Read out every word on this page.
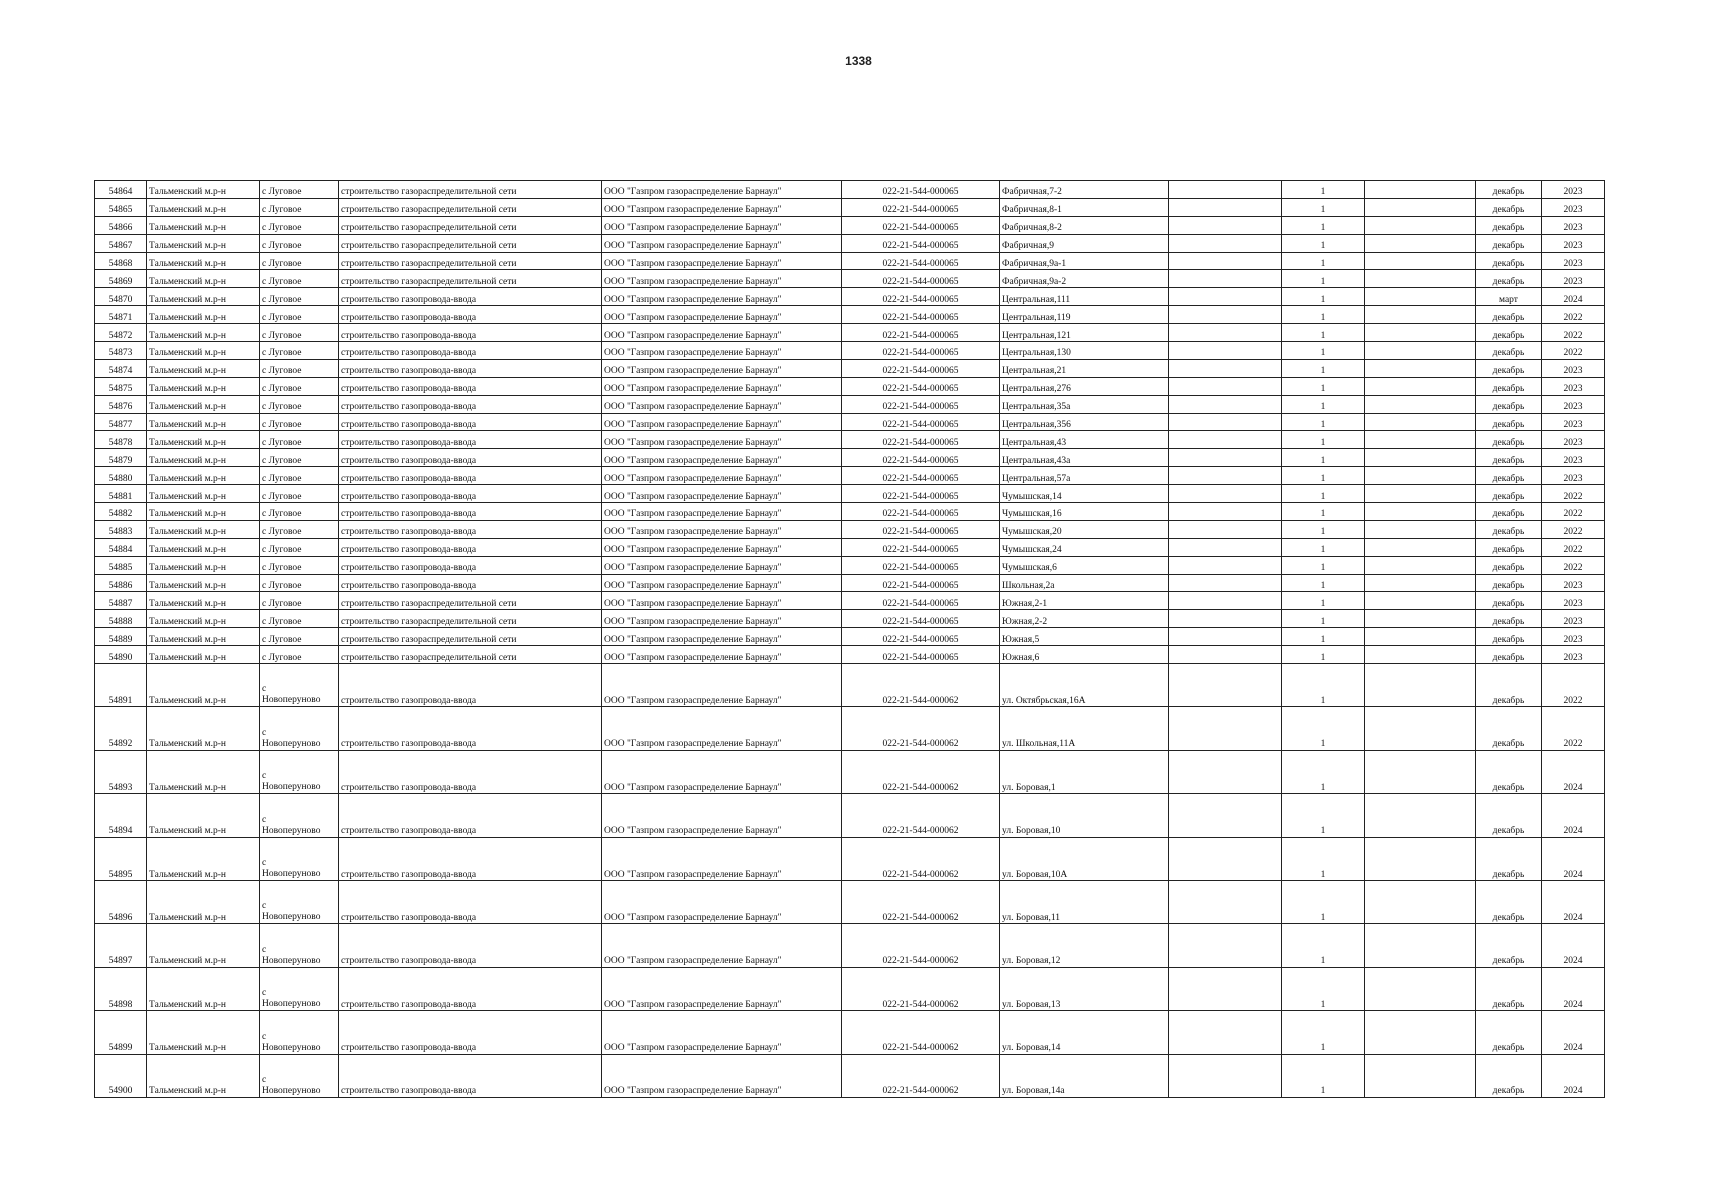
1338
54864	Тальменский м.р-н	с Луговое	строительство газораспределительной сети	ООО "Газпром газораспределение Барнаул"	022-21-544-000065	Фабричная,7-2		1		декабрь	2023
54865	Тальменский м.р-н	с Луговое	строительство газораспределительной сети	ООО "Газпром газораспределение Барнаул"	022-21-544-000065	Фабричная,8-1		1		декабрь	2023
54866	Тальменский м.р-н	с Луговое	строительство газораспределительной сети	ООО "Газпром газораспределение Барнаул"	022-21-544-000065	Фабричная,8-2		1		декабрь	2023
54867	Тальменский м.р-н	с Луговое	строительство газораспределительной сети	ООО "Газпром газораспределение Барнаул"	022-21-544-000065	Фабричная,9		1		декабрь	2023
54868	Тальменский м.р-н	с Луговое	строительство газораспределительной сети	ООО "Газпром газораспределение Барнаул"	022-21-544-000065	Фабричная,9а-1		1		декабрь	2023
54869	Тальменский м.р-н	с Луговое	строительство газораспределительной сети	ООО "Газпром газораспределение Барнаул"	022-21-544-000065	Фабричная,9а-2		1		декабрь	2023
54870	Тальменский м.р-н	с Луговое	строительство газопровода-ввода	ООО "Газпром газораспределение Барнаул"	022-21-544-000065	Центральная,111		1		март	2024
54871	Тальменский м.р-н	с Луговое	строительство газопровода-ввода	ООО "Газпром газораспределение Барнаул"	022-21-544-000065	Центральная,119		1		декабрь	2022
54872	Тальменский м.р-н	с Луговое	строительство газопровода-ввода	ООО "Газпром газораспределение Барнаул"	022-21-544-000065	Центральная,121		1		декабрь	2022
54873	Тальменский м.р-н	с Луговое	строительство газопровода-ввода	ООО "Газпром газораспределение Барнаул"	022-21-544-000065	Центральная,130		1		декабрь	2022
54874	Тальменский м.р-н	с Луговое	строительство газопровода-ввода	ООО "Газпром газораспределение Барнаул"	022-21-544-000065	Центральная,21		1		декабрь	2023
54875	Тальменский м.р-н	с Луговое	строительство газопровода-ввода	ООО "Газпром газораспределение Барнаул"	022-21-544-000065	Центральная,276		1		декабрь	2023
54876	Тальменский м.р-н	с Луговое	строительство газопровода-ввода	ООО "Газпром газораспределение Барнаул"	022-21-544-000065	Центральная,35а		1		декабрь	2023
54877	Тальменский м.р-н	с Луговое	строительство газопровода-ввода	ООО "Газпром газораспределение Барнаул"	022-21-544-000065	Центральная,356		1		декабрь	2023
54878	Тальменский м.р-н	с Луговое	строительство газопровода-ввода	ООО "Газпром газораспределение Барнаул"	022-21-544-000065	Центральная,43		1		декабрь	2023
54879	Тальменский м.р-н	с Луговое	строительство газопровода-ввода	ООО "Газпром газораспределение Барнаул"	022-21-544-000065	Центральная,43а		1		декабрь	2023
54880	Тальменский м.р-н	с Луговое	строительство газопровода-ввода	ООО "Газпром газораспределение Барнаул"	022-21-544-000065	Центральная,57а		1		декабрь	2023
54881	Тальменский м.р-н	с Луговое	строительство газопровода-ввода	ООО "Газпром газораспределение Барнаул"	022-21-544-000065	Чумышская,14		1		декабрь	2022
54882	Тальменский м.р-н	с Луговое	строительство газопровода-ввода	ООО "Газпром газораспределение Барнаул"	022-21-544-000065	Чумышская,16		1		декабрь	2022
54883	Тальменский м.р-н	с Луговое	строительство газопровода-ввода	ООО "Газпром газораспределение Барнаул"	022-21-544-000065	Чумышская,20		1		декабрь	2022
54884	Тальменский м.р-н	с Луговое	строительство газопровода-ввода	ООО "Газпром газораспределение Барнаул"	022-21-544-000065	Чумышская,24		1		декабрь	2022
54885	Тальменский м.р-н	с Луговое	строительство газопровода-ввода	ООО "Газпром газораспределение Барнаул"	022-21-544-000065	Чумышская,6		1		декабрь	2022
54886	Тальменский м.р-н	с Луговое	строительство газопровода-ввода	ООО "Газпром газораспределение Барнаул"	022-21-544-000065	Школьная,2а		1		декабрь	2023
54887	Тальменский м.р-н	с Луговое	строительство газораспределительной сети	ООО "Газпром газораспределение Барнаул"	022-21-544-000065	Южная,2-1		1		декабрь	2023
54888	Тальменский м.р-н	с Луговое	строительство газораспределительной сети	ООО "Газпром газораспределение Барнаул"	022-21-544-000065	Южная,2-2		1		декабрь	2023
54889	Тальменский м.р-н	с Луговое	строительство газораспределительной сети	ООО "Газпром газораспределение Барнаул"	022-21-544-000065	Южная,5		1		декабрь	2023
54890	Тальменский м.р-н	с Луговое	строительство газораспределительной сети	ООО "Газпром газораспределение Барнаул"	022-21-544-000065	Южная,6		1		декабрь	2023
54891	Тальменский м.р-н	с
Новоперуново	строительство газопровода-ввода	ООО "Газпром газораспределение Барнаул"	022-21-544-000062	ул. Октябрьская,16А		1		декабрь	2022
54892	Тальменский м.р-н	с
Новоперуново	строительство газопровода-ввода	ООО "Газпром газораспределение Барнаул"	022-21-544-000062	ул. Школьная,11А		1		декабрь	2022
54893	Тальменский м.р-н	с
Новоперуново	строительство газопровода-ввода	ООО "Газпром газораспределение Барнаул"	022-21-544-000062	ул. Боровая,1		1		декабрь	2024
54894	Тальменский м.р-н	с
Новоперуново	строительство газопровода-ввода	ООО "Газпром газораспределение Барнаул"	022-21-544-000062	ул. Боровая,10		1		декабрь	2024
54895	Тальменский м.р-н	с
Новоперуново	строительство газопровода-ввода	ООО "Газпром газораспределение Барнаул"	022-21-544-000062	ул. Боровая,10А		1		декабрь	2024
54896	Тальменский м.р-н	с
Новоперуново	строительство газопровода-ввода	ООО "Газпром газораспределение Барнаул"	022-21-544-000062	ул. Боровая,11		1		декабрь	2024
54897	Тальменский м.р-н	с
Новоперуново	строительство газопровода-ввода	ООО "Газпром газораспределение Барнаул"	022-21-544-000062	ул. Боровая,12		1		декабрь	2024
54898	Тальменский м.р-н	с
Новоперуново	строительство газопровода-ввода	ООО "Газпром газораспределение Барнаул"	022-21-544-000062	ул. Боровая,13		1		декабрь	2024
54899	Тальменский м.р-н	с
Новоперуново	строительство газопровода-ввода	ООО "Газпром газораспределение Барнаул"	022-21-544-000062	ул. Боровая,14		1		декабрь	2024
54900	Тальменский м.р-н	с
Новоперуново	строительство газопровода-ввода	ООО "Газпром газораспределение Барнаул"	022-21-544-000062	ул. Боровая,14а		1		декабрь	2024
